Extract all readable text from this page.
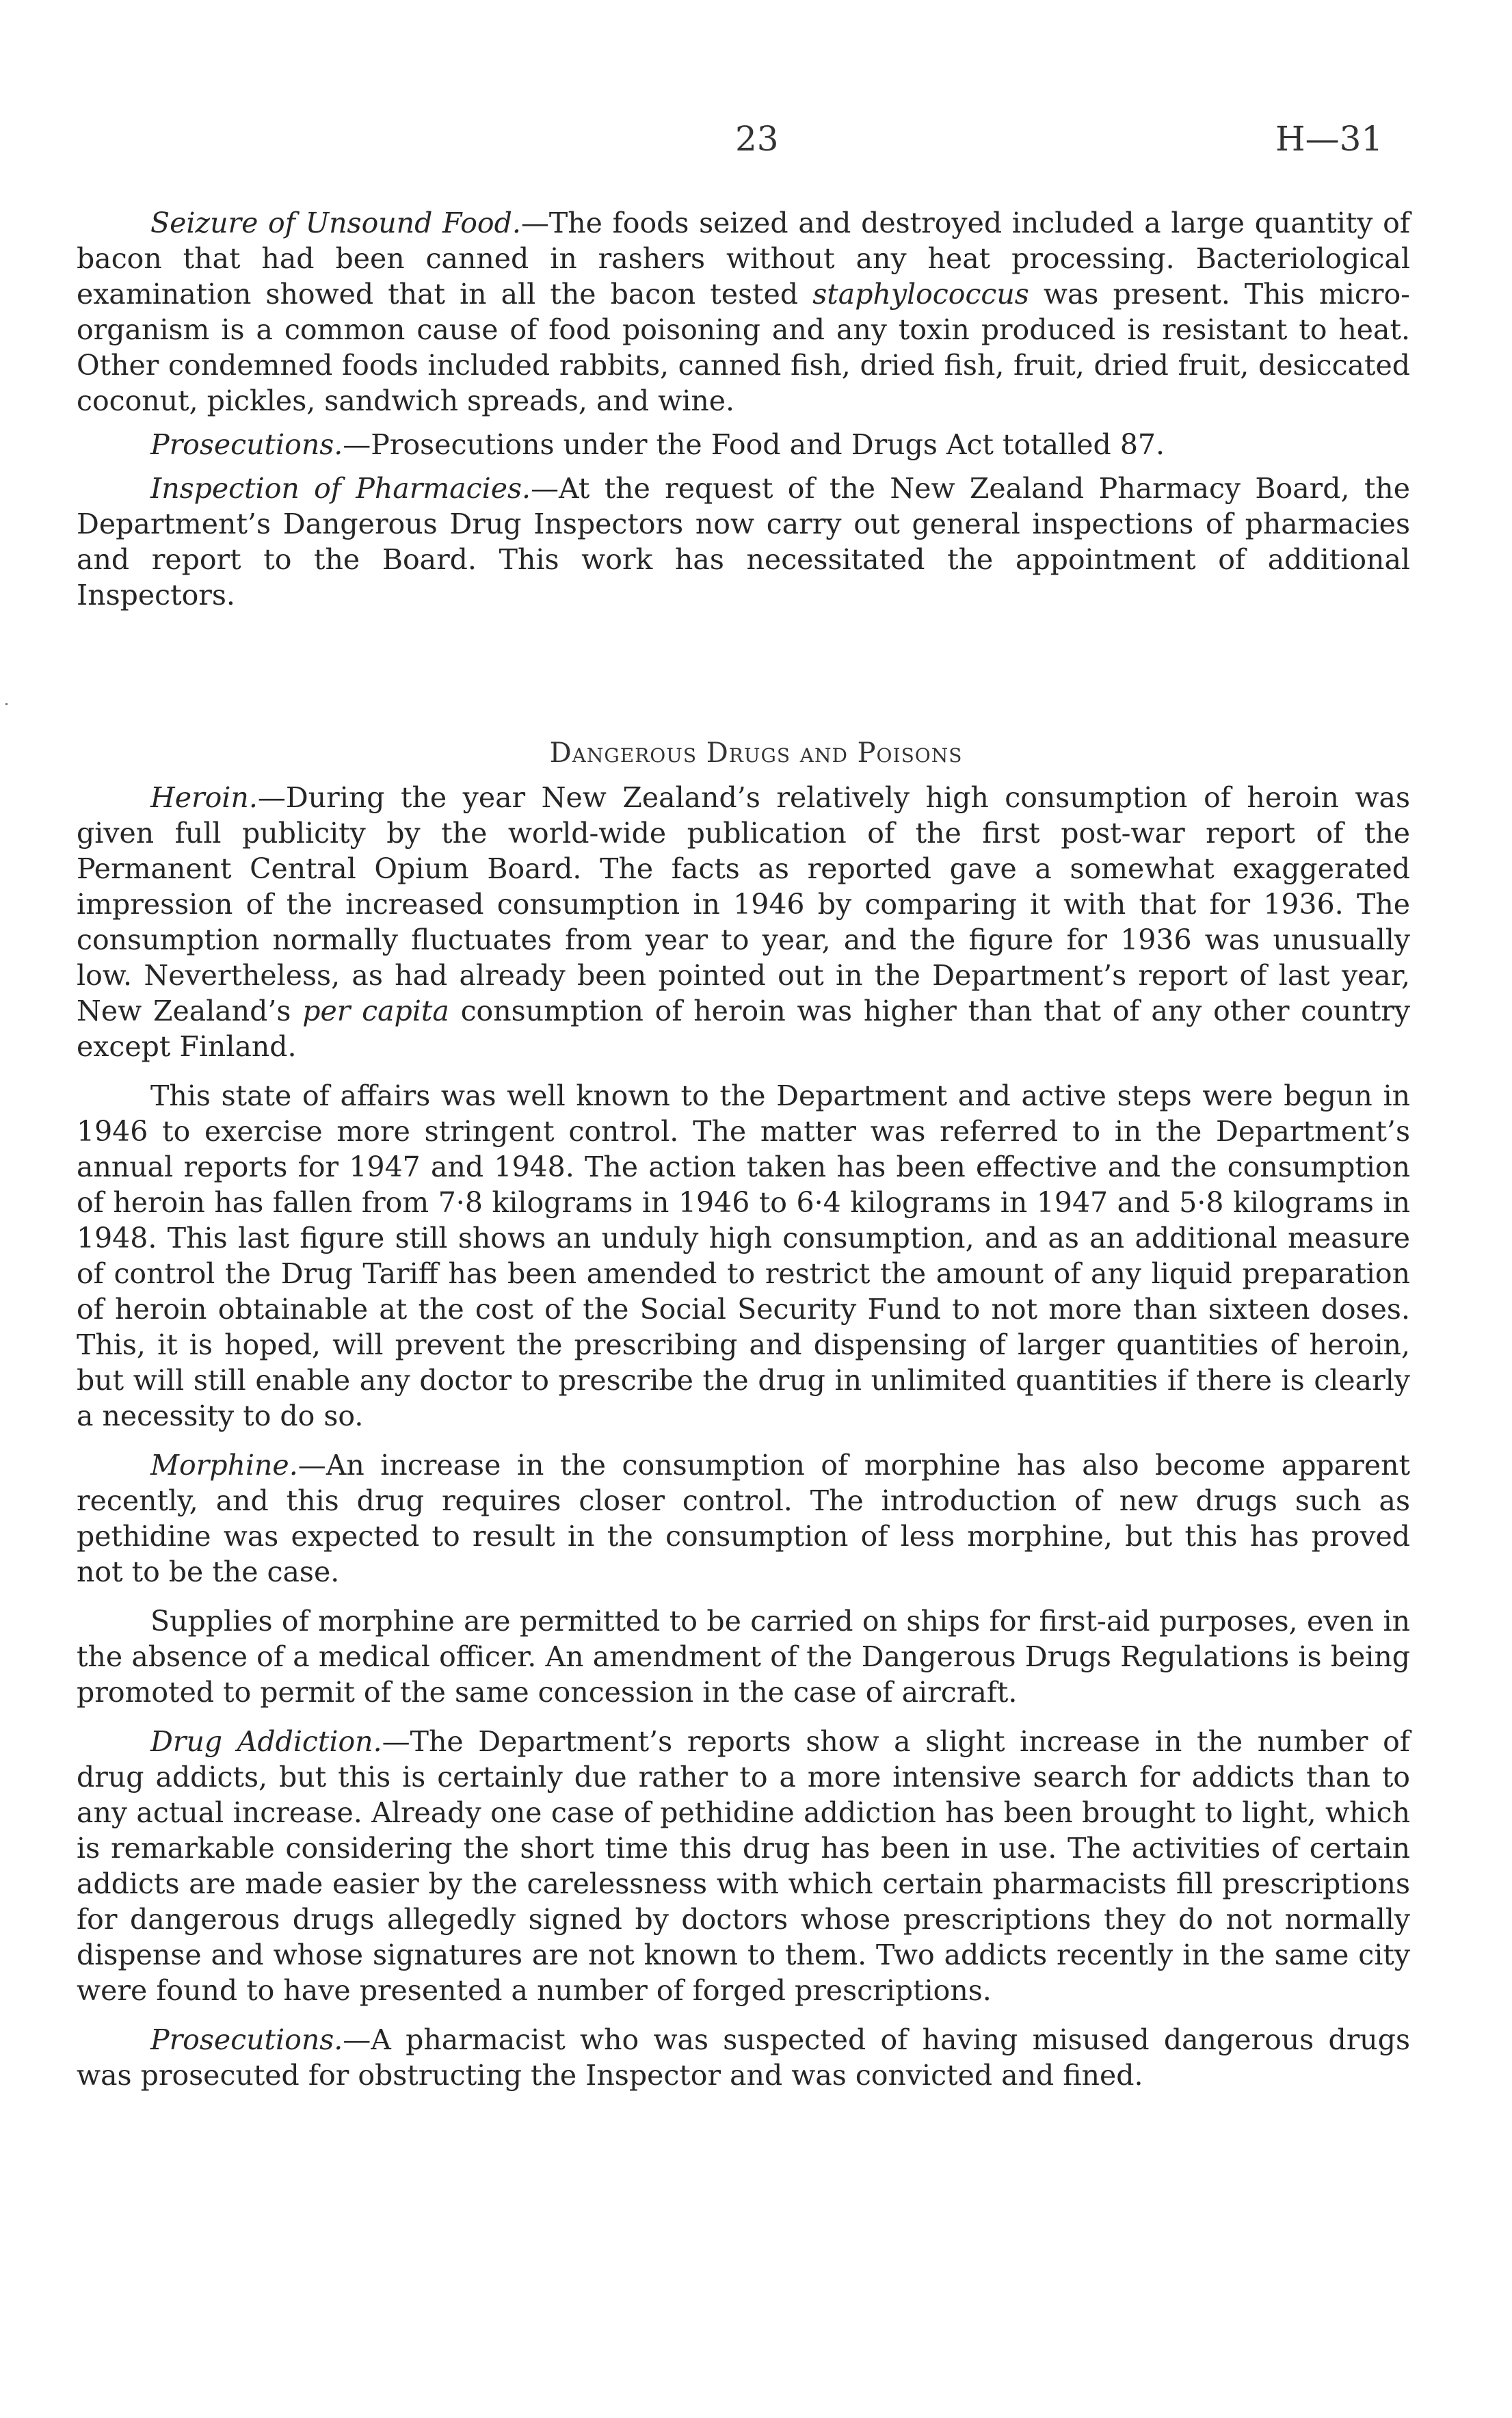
23	H—31

Seizure of Unsound Food.—The foods seized and destroyed included a large quantity of bacon that had been canned in rashers without any heat processing. Bacteriological examination showed that in all the bacon tested staphylococcus was present. This micro-organism is a common cause of food poisoning and any toxin produced is resistant to heat. Other condemned foods included rabbits, canned fish, dried fish, fruit, dried fruit, desiccated coconut, pickles, sandwich spreads, and wine.

Prosecutions.—Prosecutions under the Food and Drugs Act totalled 87.

Inspection of Pharmacies.—At the request of the New Zealand Pharmacy Board, the Department’s Dangerous Drug Inspectors now carry out general inspections of pharmacies and report to the Board. This work has necessitated the appointment of additional Inspectors.

Dangerous Drugs and Poisons

Heroin.—During the year New Zealand’s relatively high consumption of heroin was given full publicity by the world-wide publication of the first post-war report of the Permanent Central Opium Board. The facts as reported gave a somewhat exaggerated impression of the increased consumption in 1946 by comparing it with that for 1936. The consumption normally fluctuates from year to year, and the figure for 1936 was unusually low. Nevertheless, as had already been pointed out in the Department’s report of last year, New Zealand’s per capita consumption of heroin was higher than that of any other country except Finland.

This state of affairs was well known to the Department and active steps were begun in 1946 to exercise more stringent control. The matter was referred to in the Department’s annual reports for 1947 and 1948. The action taken has been effective and the consumption of heroin has fallen from 7·8 kilograms in 1946 to 6·4 kilograms in 1947 and 5·8 kilograms in 1948. This last figure still shows an unduly high consumption, and as an additional measure of control the Drug Tariff has been amended to restrict the amount of any liquid preparation of heroin obtainable at the cost of the Social Security Fund to not more than sixteen doses. This, it is hoped, will prevent the prescribing and dispensing of larger quantities of heroin, but will still enable any doctor to prescribe the drug in unlimited quantities if there is clearly a necessity to do so.

Morphine.—An increase in the consumption of morphine has also become apparent recently, and this drug requires closer control. The introduction of new drugs such as pethidine was expected to result in the consumption of less morphine, but this has proved not to be the case.

Supplies of morphine are permitted to be carried on ships for first-aid purposes, even in the absence of a medical officer. An amendment of the Dangerous Drugs Regulations is being promoted to permit of the same concession in the case of aircraft.

Drug Addiction.—The Department’s reports show a slight increase in the number of drug addicts, but this is certainly due rather to a more intensive search for addicts than to any actual increase. Already one case of pethidine addiction has been brought to light, which is remarkable considering the short time this drug has been in use. The activities of certain addicts are made easier by the carelessness with which certain pharmacists fill prescriptions for dangerous drugs allegedly signed by doctors whose prescriptions they do not normally dispense and whose signatures are not known to them. Two addicts recently in the same city were found to have presented a number of forged prescriptions.

Prosecutions.—A pharmacist who was suspected of having misused dangerous drugs was prosecuted for obstructing the Inspector and was convicted and fined.
